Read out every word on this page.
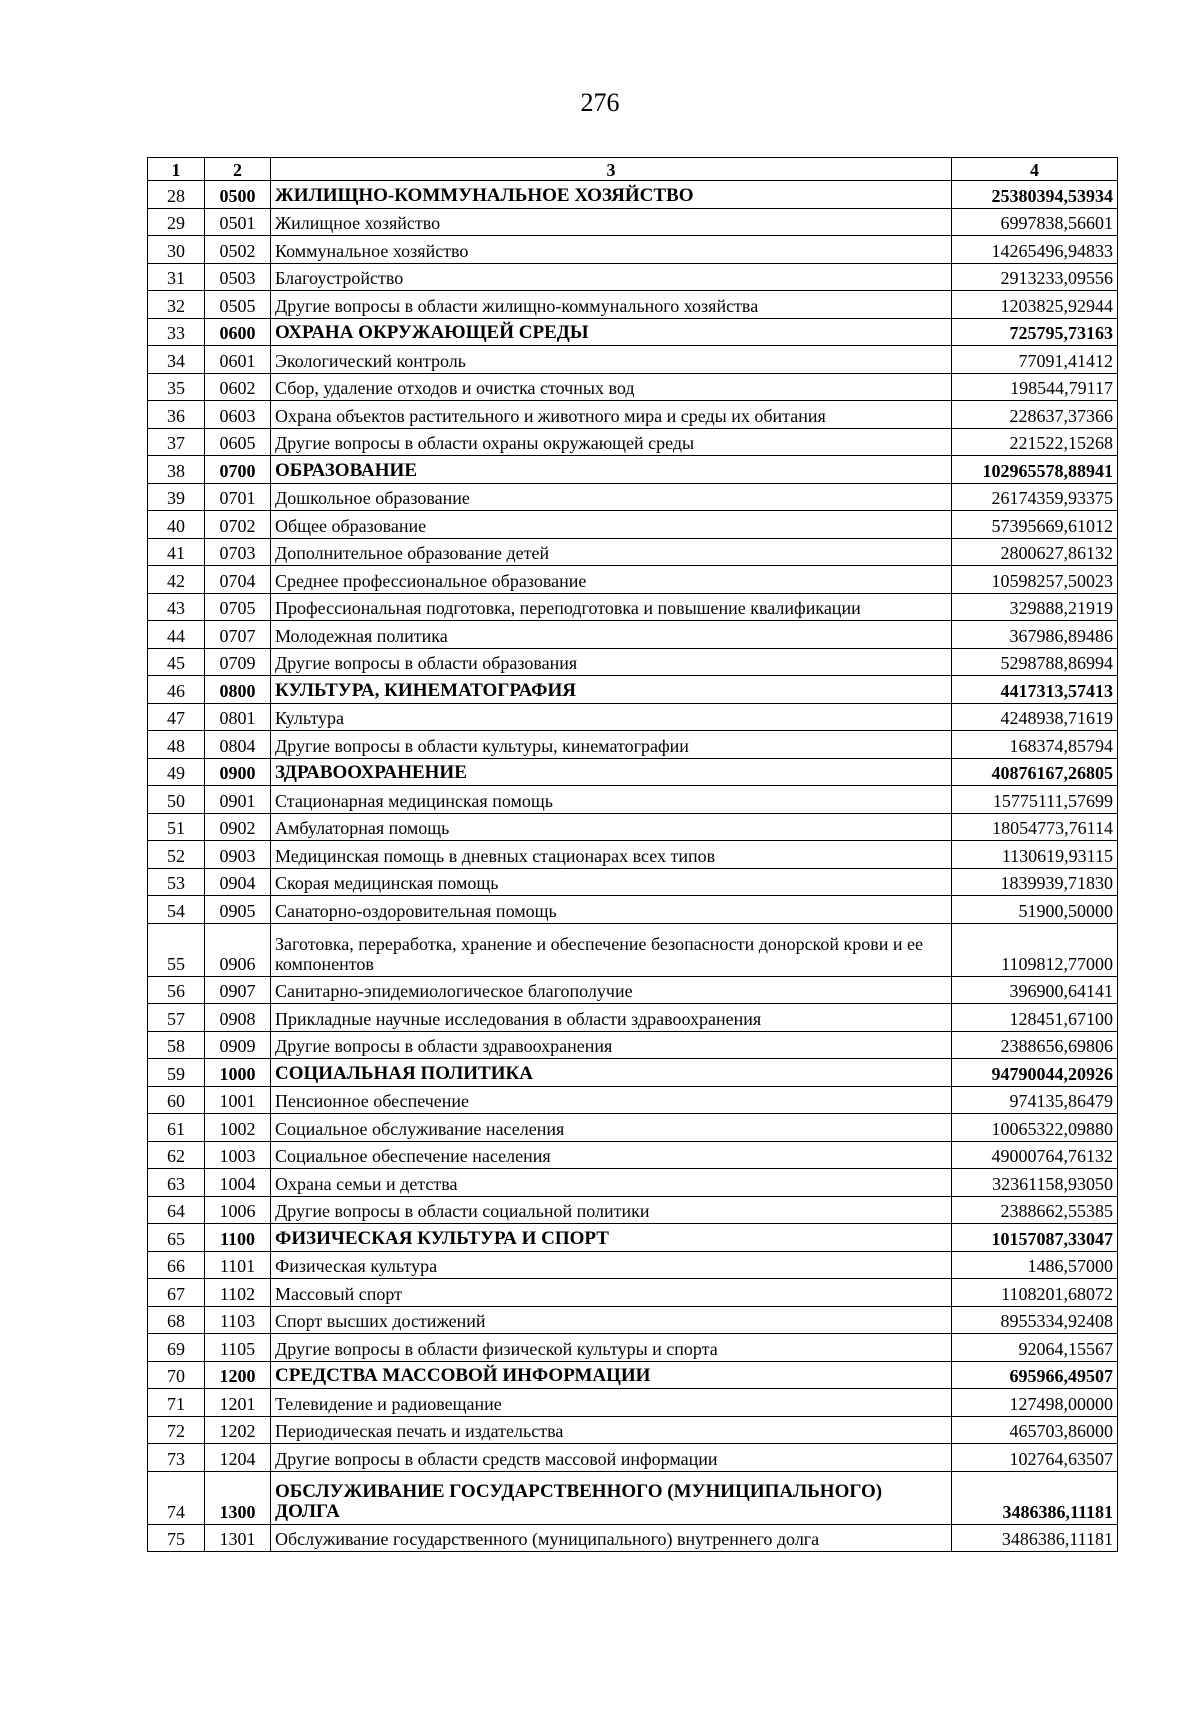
276
1	2	3	4
28	0500	ЖИЛИЩНО-КОММУНАЛЬНОЕ ХОЗЯЙСТВО	25380394,53934
29	0501	Жилищное хозяйство	6997838,56601
30	0502	Коммунальное хозяйство	14265496,94833
31	0503	Благоустройство	2913233,09556
32	0505	Другие вопросы в области жилищно-коммунального хозяйства	1203825,92944
33	0600	ОХРАНА ОКРУЖАЮЩЕЙ СРЕДЫ	725795,73163
34	0601	Экологический контроль	77091,41412
35	0602	Сбор, удаление отходов и очистка сточных вод	198544,79117
36	0603	Охрана объектов растительного и животного мира и среды их обитания	228637,37366
37	0605	Другие вопросы в области охраны окружающей среды	221522,15268
38	0700	ОБРАЗОВАНИЕ	102965578,88941
39	0701	Дошкольное образование	26174359,93375
40	0702	Общее образование	57395669,61012
41	0703	Дополнительное образование детей	2800627,86132
42	0704	Среднее профессиональное образование	10598257,50023
43	0705	Профессиональная подготовка, переподготовка и повышение квалификации	329888,21919
44	0707	Молодежная политика	367986,89486
45	0709	Другие вопросы в области образования	5298788,86994
46	0800	КУЛЬТУРА, КИНЕМАТОГРАФИЯ	4417313,57413
47	0801	Культура	4248938,71619
48	0804	Другие вопросы в области культуры, кинематографии	168374,85794
49	0900	ЗДРАВООХРАНЕНИЕ	40876167,26805
50	0901	Стационарная медицинская помощь	15775111,57699
51	0902	Амбулаторная помощь	18054773,76114
52	0903	Медицинская помощь в дневных стационарах всех типов	1130619,93115
53	0904	Скорая медицинская помощь	1839939,71830
54	0905	Санаторно-оздоровительная помощь	51900,50000
55	0906	Заготовка, переработка, хранение и обеспечение безопасности донорской крови и ее компонентов	1109812,77000
56	0907	Санитарно-эпидемиологическое благополучие	396900,64141
57	0908	Прикладные научные исследования в области здравоохранения	128451,67100
58	0909	Другие вопросы в области здравоохранения	2388656,69806
59	1000	СОЦИАЛЬНАЯ ПОЛИТИКА	94790044,20926
60	1001	Пенсионное обеспечение	974135,86479
61	1002	Социальное обслуживание населения	10065322,09880
62	1003	Социальное обеспечение населения	49000764,76132
63	1004	Охрана семьи и детства	32361158,93050
64	1006	Другие вопросы в области социальной политики	2388662,55385
65	1100	ФИЗИЧЕСКАЯ КУЛЬТУРА И СПОРТ	10157087,33047
66	1101	Физическая культура	1486,57000
67	1102	Массовый спорт	1108201,68072
68	1103	Спорт высших достижений	8955334,92408
69	1105	Другие вопросы в области физической культуры и спорта	92064,15567
70	1200	СРЕДСТВА МАССОВОЙ ИНФОРМАЦИИ	695966,49507
71	1201	Телевидение и радиовещание	127498,00000
72	1202	Периодическая печать и издательства	465703,86000
73	1204	Другие вопросы в области средств массовой информации	102764,63507
74	1300	ОБСЛУЖИВАНИЕ ГОСУДАРСТВЕННОГО (МУНИЦИПАЛЬНОГО) ДОЛГА	3486386,11181
75	1301	Обслуживание государственного (муниципального) внутреннего долга	3486386,11181
